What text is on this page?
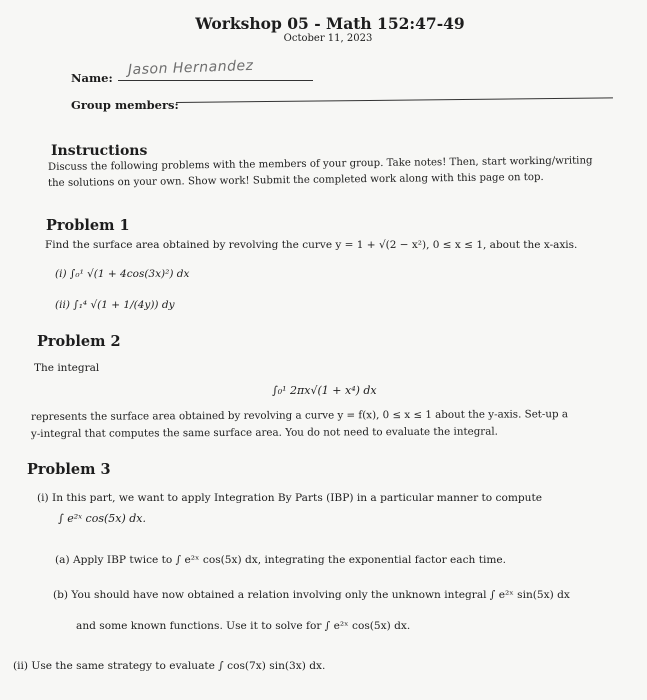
Workshop 05 - Math 152:47-49
October 11, 2023
Name: Jason Hernandez
Group members:
Instructions
Discuss the following problems with the members of your group. Take notes! Then, start working/writing
the solutions on your own. Show work! Submit the completed work along with this page on top.
Problem 1
Find the surface area obtained by revolving the curve y = 1 + √(2 − x²), 0 ≤ x ≤ 1, about the x-axis.
(i) ∫₀¹ √(1 + 4cos(3x)²) dx
(ii) ∫₁⁴ √(1 + 1/(4y)) dy
Problem 2
The integral
∫₀¹ 2πx√(1 + x⁴) dx
represents the surface area obtained by revolving a curve y = f(x), 0 ≤ x ≤ 1 about the y-axis. Set-up a
y-integral that computes the same surface area. You do not need to evaluate the integral.
Problem 3
(i) In this part, we want to apply Integration By Parts (IBP) in a particular manner to compute
∫ e²ˣ cos(5x) dx.
(a) Apply IBP twice to ∫ e²ˣ cos(5x) dx, integrating the exponential factor each time.
(b) You should have now obtained a relation involving only the unknown integral ∫ e²ˣ sin(5x) dx
and some known functions. Use it to solve for ∫ e²ˣ cos(5x) dx.
(ii) Use the same strategy to evaluate ∫ cos(7x) sin(3x) dx.
